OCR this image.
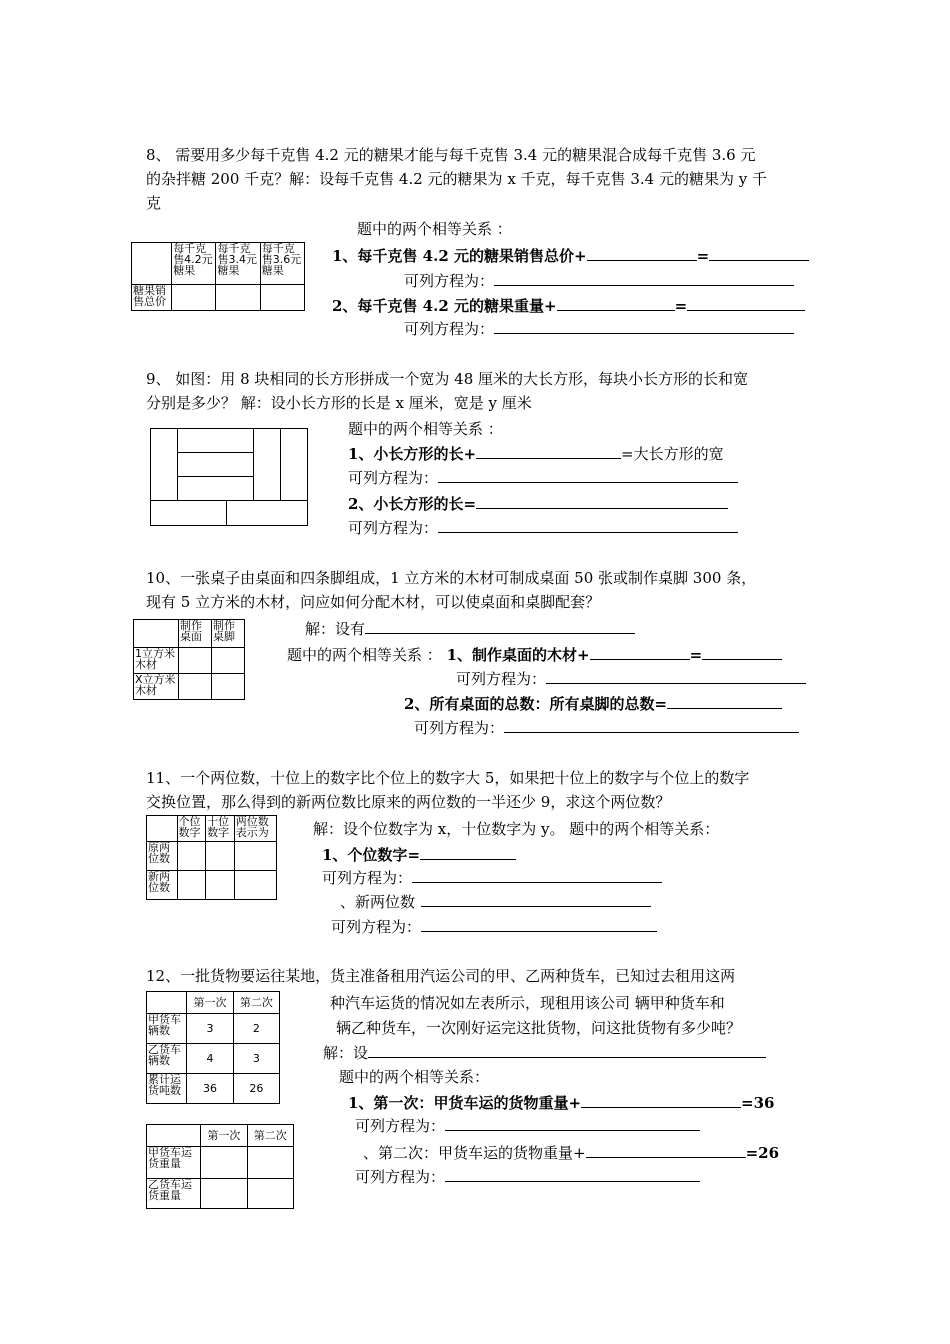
8、 需要用多少每千克售 4.2 元的糖果才能与每千克售 3.4 元的糖果混合成每千克售 3.6 元
的杂拌糖 200 千克？解：设每千克售 4.2 元的糖果为 x 千克，每千克售 3.4 元的糖果为 y 千
克
	每千克售4.2元糖果	每千克售3.4元糖果	每千克售3.6元糖果
糖果销售总价			
题中的两个相等关系 ：
1、每千克售 4.2 元的糖果销售总价+	=
可列方程为：
2、每千克售 4.2 元的糖果重量+	=
可列方程为：
9、 如图：用 8 块相同的长方形拼成一个宽为 48 厘米的大长方形，每块小长方形的长和宽
分别是多少？ 解：设小长方形的长是 x 厘米，宽是 y 厘米
题中的两个相等关系 ：
1、小长方形的长+	=大长方形的宽
可列方程为：
2、小长方形的长=
可列方程为：
10、一张桌子由桌面和四条脚组成，1 立方米的木材可制成桌面 50 张或制作桌脚 300 条，
现有 5 立方米的木材，问应如何分配木材，可以使桌面和桌脚配套？
	制作桌面	制作桌脚
1立方米木材		
X立方米木材		
解：设有
题中的两个相等关系 ： 1、制作桌面的木材+	=
可列方程为：
2、所有桌面的总数：所有桌脚的总数=
可列方程为：
11、一个两位数，十位上的数字比个位上的数字大 5，如果把十位上的数字与个位上的数字
交换位置，那么得到的新两位数比原来的两位数的一半还少 9，求这个两位数？
	个位数字	十位数字	两位数表示为
原两位数			
新两位数			
解：设个位数字为 x，十位数字为 y。 题中的两个相等关系：
1、个位数字=
可列方程为：
、新两位数
可列方程为：
12、一批货物要运往某地，货主准备租用汽运公司的甲、乙两种货车，已知过去租用这两
种汽车运货的情况如左表所示，现租用该公司 辆甲种货车和
辆乙种货车，一次刚好运完这批货物，问这批货物有多少吨？
	第一次	第二次
甲货车辆数	3	2
乙货车辆数	4	3
累计运货吨数	36	26
	第一次	第二次
甲货车运货重量		
乙货车运货重量		
解：设
题中的两个相等关系：
1、第一次：甲货车运的货物重量+	=36
可列方程为：
、第二次：甲货车运的货物重量+	=26
可列方程为：
